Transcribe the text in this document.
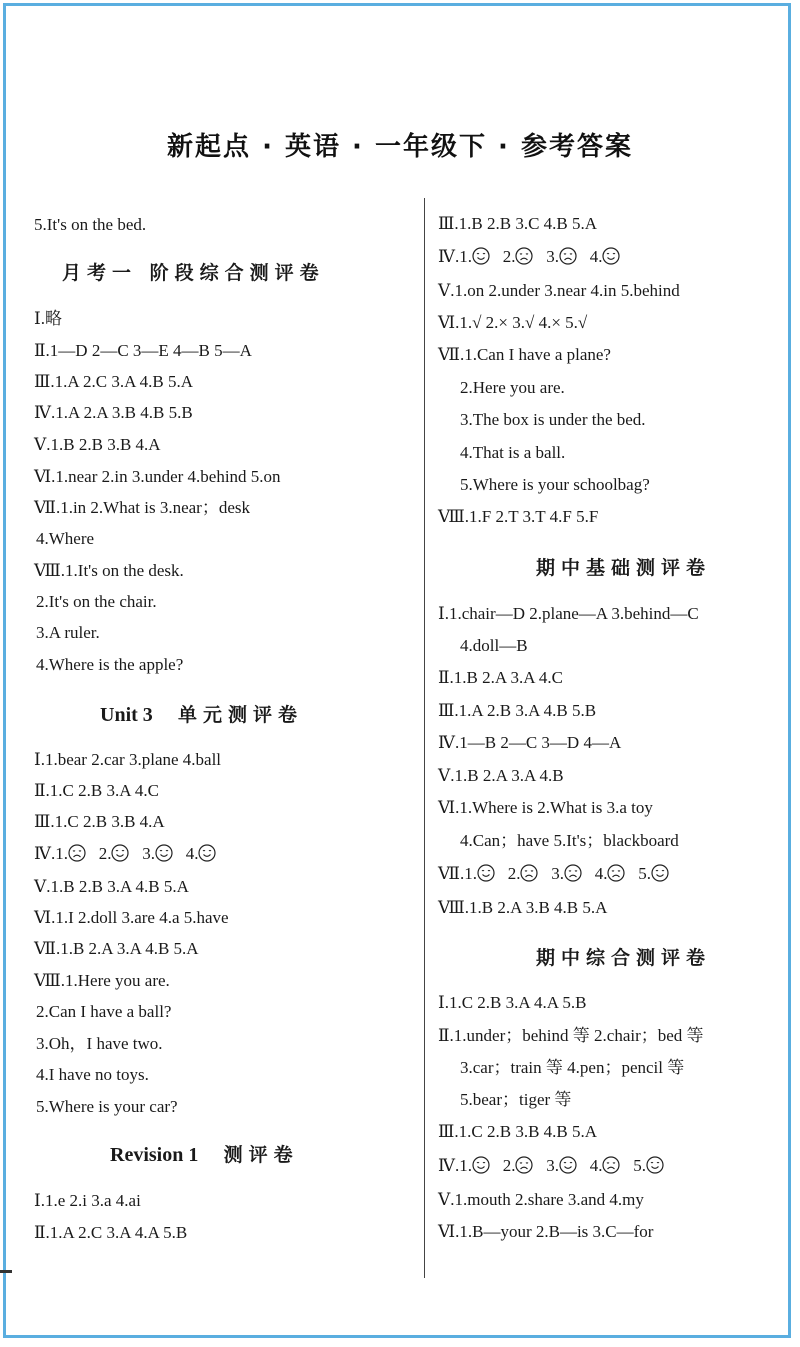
新起点 · 英语 · 一年级下 · 参考答案
5.It's on the bed.
月考一 阶段综合测评卷
Ⅰ.略
Ⅱ.1—D 2—C 3—E 4—B 5—A
Ⅲ.1.A 2.C 3.A 4.B 5.A
Ⅳ.1.A 2.A 3.B 4.B 5.B
Ⅴ.1.B 2.B 3.B 4.A
Ⅵ.1.near 2.in 3.under 4.behind 5.on
Ⅶ.1.in 2.What is 3.near；desk
4.Where
Ⅷ.1.It's on the desk.
2.It's on the chair.
3.A ruler.
4.Where is the apple?
Unit 3 单元测评卷
Ⅰ.1.bear 2.car 3.plane 4.ball
Ⅱ.1.C 2.B 3.A 4.C
Ⅲ.1.C 2.B 3.B 4.A
Ⅳ.1. 2. 3. 4.
Ⅴ.1.B 2.B 3.A 4.B 5.A
Ⅵ.1.I 2.doll 3.are 4.a 5.have
Ⅶ.1.B 2.A 3.A 4.B 5.A
Ⅷ.1.Here you are.
2.Can I have a ball?
3.Oh，I have two.
4.I have no toys.
5.Where is your car?
Revision 1 测评卷
Ⅰ.1.e 2.i 3.a 4.ai
Ⅱ.1.A 2.C 3.A 4.A 5.B
Ⅲ.1.B 2.B 3.C 4.B 5.A
Ⅳ.1. 2. 3. 4.
Ⅴ.1.on 2.under 3.near 4.in 5.behind
Ⅵ.1.√ 2.× 3.√ 4.× 5.√
Ⅶ.1.Can I have a plane?
2.Here you are.
3.The box is under the bed.
4.That is a ball.
5.Where is your schoolbag?
Ⅷ.1.F 2.T 3.T 4.F 5.F
期中基础测评卷
Ⅰ.1.chair—D 2.plane—A 3.behind—C
4.doll—B
Ⅱ.1.B 2.A 3.A 4.C
Ⅲ.1.A 2.B 3.A 4.B 5.B
Ⅳ.1—B 2—C 3—D 4—A
Ⅴ.1.B 2.A 3.A 4.B
Ⅵ.1.Where is 2.What is 3.a toy
4.Can；have 5.It's；blackboard
Ⅶ.1. 2. 3. 4. 5.
Ⅷ.1.B 2.A 3.B 4.B 5.A
期中综合测评卷
Ⅰ.1.C 2.B 3.A 4.A 5.B
Ⅱ.1.under；behind 等 2.chair；bed 等
3.car；train 等 4.pen；pencil 等
5.bear；tiger 等
Ⅲ.1.C 2.B 3.B 4.B 5.A
Ⅳ.1. 2. 3. 4. 5.
Ⅴ.1.mouth 2.share 3.and 4.my
Ⅵ.1.B—your 2.B—is 3.C—for
